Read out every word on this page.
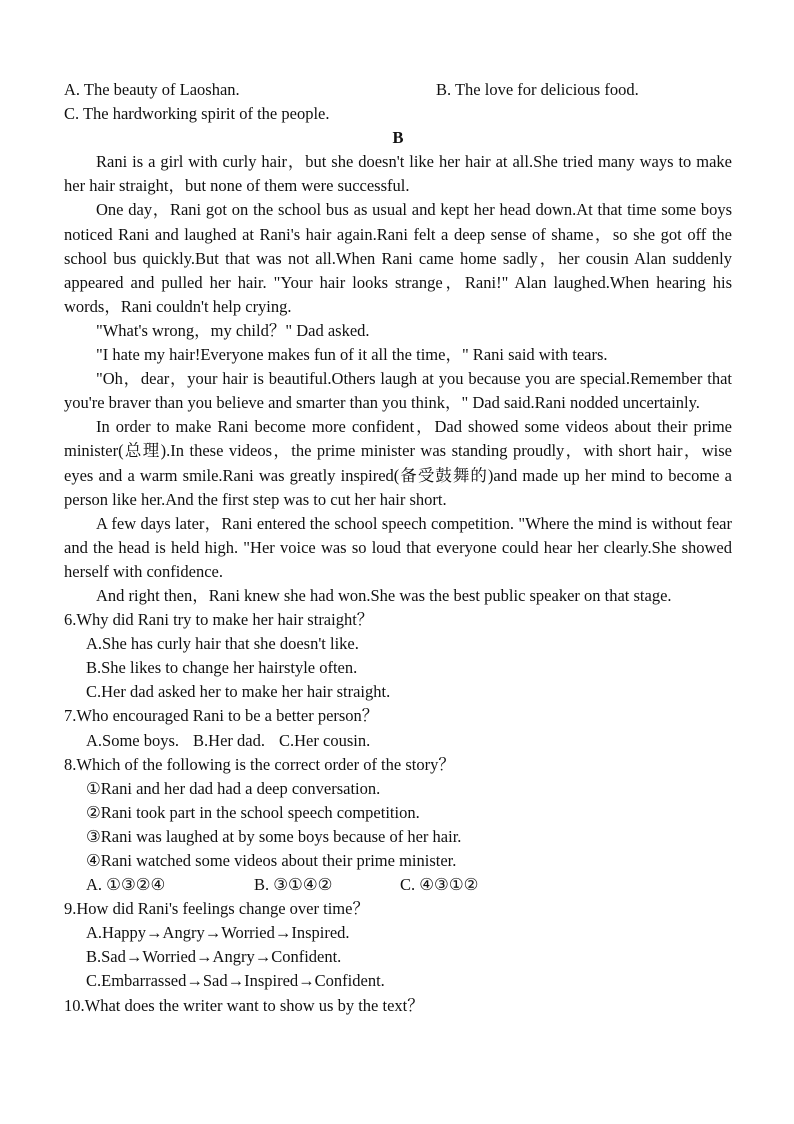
A. The beauty of Laoshan.	B. The love for delicious food.
C. The hardworking spirit of the people.
B

Rani is a girl with curly hair，but she doesn't like her hair at all.She tried many ways to make her hair straight，but none of them were successful.

One day，Rani got on the school bus as usual and kept her head down.At that time some boys noticed Rani and laughed at Rani's hair again.Rani felt a deep sense of shame，so she got off the school bus quickly.But that was not all.When Rani came home sadly，her cousin Alan suddenly appeared and pulled her hair. "Your hair looks strange，Rani!" Alan laughed.When hearing his words，Rani couldn't help crying.

"What's wrong，my child？" Dad asked.

"I hate my hair!Everyone makes fun of it all the time，" Rani said with tears.

"Oh，dear，your hair is beautiful.Others laugh at you because you are special.Remember that you're braver than you believe and smarter than you think，" Dad said.Rani nodded uncertainly.

In order to make Rani become more confident，Dad showed some videos about their prime minister(总理).In these videos，the prime minister was standing proudly，with short hair，wise eyes and a warm smile.Rani was greatly inspired(备受鼓舞的)and made up her mind to become a person like her.And the first step was to cut her hair short.

A few days later，Rani entered the school speech competition. "Where the mind is without fear and the head is held high. "Her voice was so loud that everyone could hear her clearly.She showed herself with confidence.

And right then，Rani knew she had won.She was the best public speaker on that stage.

6.Why did Rani try to make her hair straight？
A.She has curly hair that she doesn't like.
B.She likes to change her hairstyle often.
C.Her dad asked her to make her hair straight.
7.Who encouraged Rani to be a better person？
A.Some boys. B.Her dad. C.Her cousin.
8.Which of the following is the correct order of the story？
①Rani and her dad had a deep conversation.
②Rani took part in the school speech competition.
③Rani was laughed at by some boys because of her hair.
④Rani watched some videos about their prime minister.
A. ①③②④	B. ③①④②	C. ④③①②
9.How did Rani's feelings change over time？
A.Happy→Angry→Worried→Inspired.
B.Sad→Worried→Angry→Confident.
C.Embarrassed→Sad→Inspired→Confident.
10.What does the writer want to show us by the text？
